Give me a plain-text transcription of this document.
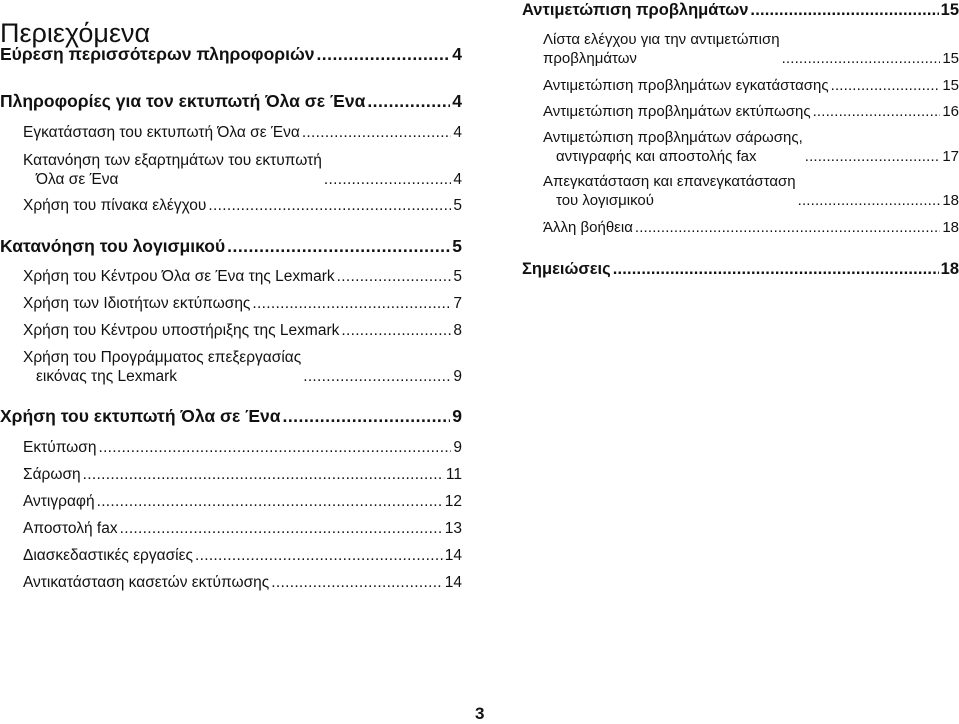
Περιεχόμενα
Εύρεση περισσότερων πληροφοριών . . .	4
Πληροφορίες για τον εκτυπωτή Όλα σε Ένα . . .	4
Εγκατάσταση του εκτυπωτή Όλα σε Ένα . . .	4
Κατανόηση των εξαρτημάτων του εκτυπωτή
Όλα σε Ένα . . .	4
Χρήση του πίνακα ελέγχου . . .	5
Κατανόηση του λογισμικού . . .	5
Χρήση του Κέντρου Όλα σε Ένα της Lexmark . . .	5
Χρήση των Ιδιοτήτων εκτύπωσης . . .	7
Χρήση του Κέντρου υποστήριξης της Lexmark . . .	8
Χρήση του Προγράμματος επεξεργασίας
εικόνας της Lexmark . . .	9
Χρήση του εκτυπωτή Όλα σε Ένα . . .	9
Εκτύπωση . . .	9
Σάρωση . . .	11
Αντιγραφή . . .	12
Αποστολή fax . . .	13
Διασκεδαστικές εργασίες . . .	14
Αντικατάσταση κασετών εκτύπωσης . . .	14
Αντιμετώπιση προβλημάτων . . .	15
Λίστα ελέγχου για την αντιμετώπιση
προβλημάτων . . .	15
Αντιμετώπιση προβλημάτων εγκατάστασης . . .	15
Αντιμετώπιση προβλημάτων εκτύπωσης . . .	16
Αντιμετώπιση προβλημάτων σάρωσης,
αντιγραφής και αποστολής fax . . .	17
Απεγκατάσταση και επανεγκατάσταση
του λογισμικού . . .	18
Άλλη βοήθεια . . .	18
Σημειώσεις . . .	18
3
